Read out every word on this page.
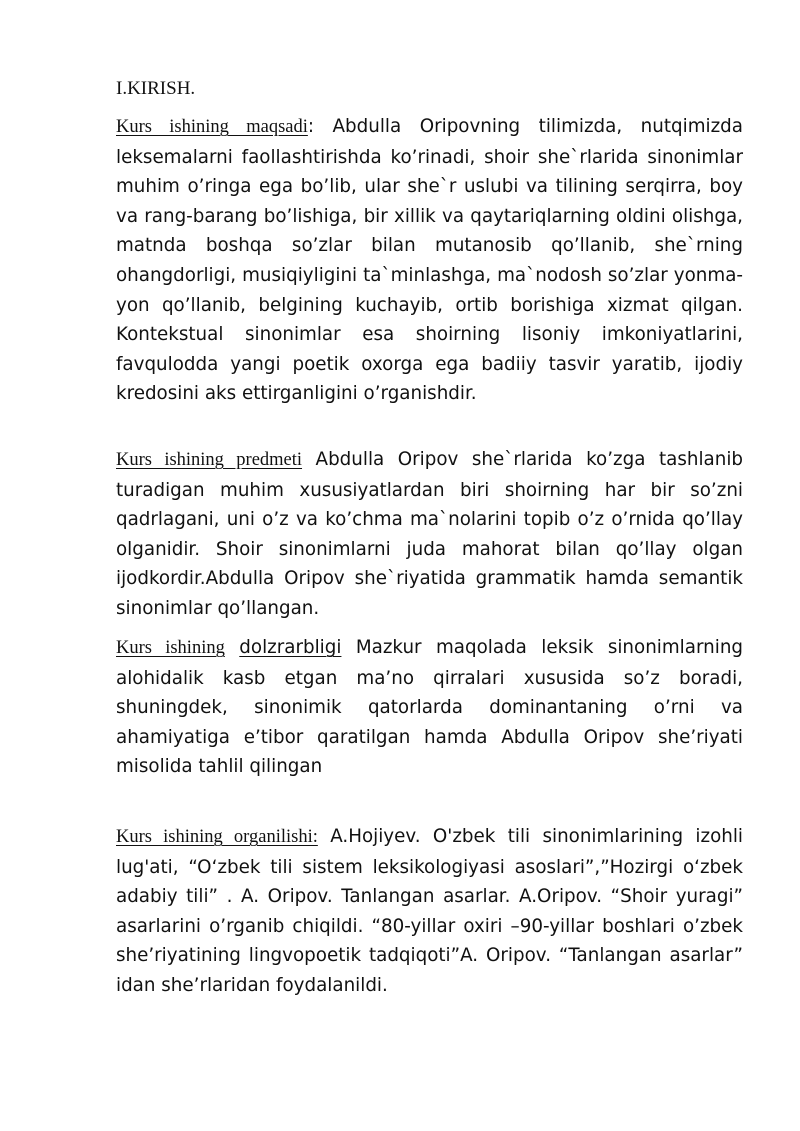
I.KIRISH.

Kurs ishining maqsadi: Abdulla Oripovning tilimizda, nutqimizda leksemalarni faollashtirishda ko’rinadi, shoir she`rlarida sinonimlar muhim o’ringa ega bo’lib, ular she`r uslubi va tilining serqirra, boy va rang-barang bo’lishiga, bir xillik va qaytariqlarning oldini olishga, matnda boshqa so’zlar bilan mutanosib qo’llanib, she`rning ohangdorligi, musiqiyligini ta`minlashga, ma`nodosh so’zlar yonma-yon qo’llanib, belgining kuchayib, ortib borishiga xizmat qilgan. Kontekstual sinonimlar esa shoirning lisoniy imkoniyatlarini, favqulodda yangi poetik oxorga ega badiiy tasvir yaratib, ijodiy kredosini aks ettirganligini o’rganishdir.

Kurs ishining predmeti Abdulla Oripov she`rlarida ko’zga tashlanib turadigan muhim xususiyatlardan biri shoirning har bir so’zni qadrlagani, uni o’z va ko’chma ma`nolarini topib o’z o’rnida qo’llay olganidir. Shoir sinonimlarni juda mahorat bilan qo’llay olgan ijodkordir.Abdulla Oripov she`riyatida grammatik hamda semantik sinonimlar qo’llangan.

Kurs ishining dolzrarbligi Mazkur maqolada leksik sinonimlarning alohidalik kasb etgan ma’no qirralari xususida so’z boradi, shuningdek, sinonimik qatorlarda dominantaning o’rni va ahamiyatiga e’tibor qaratilgan hamda Abdulla Oripov she’riyati misolida tahlil qilingan

Kurs ishining organilishi: A.Hojiyev. O'zbek tili sinonimlarining izohli lug'ati, “O‘zbek tili sistem leksikologiyasi asoslari”,”Hozirgi o‘zbek adabiy tili” . A. Oripov. Tanlangan asarlar. A.Oripov. “Shoir yuragi” asarlarini o’rganib chiqildi. “80-yillar oxiri –90-yillar boshlari o’zbek she’riyatining lingvopoetik tadqiqoti”A. Oripov. “Tanlangan asarlar” idan she’rlaridan foydalanildi.
